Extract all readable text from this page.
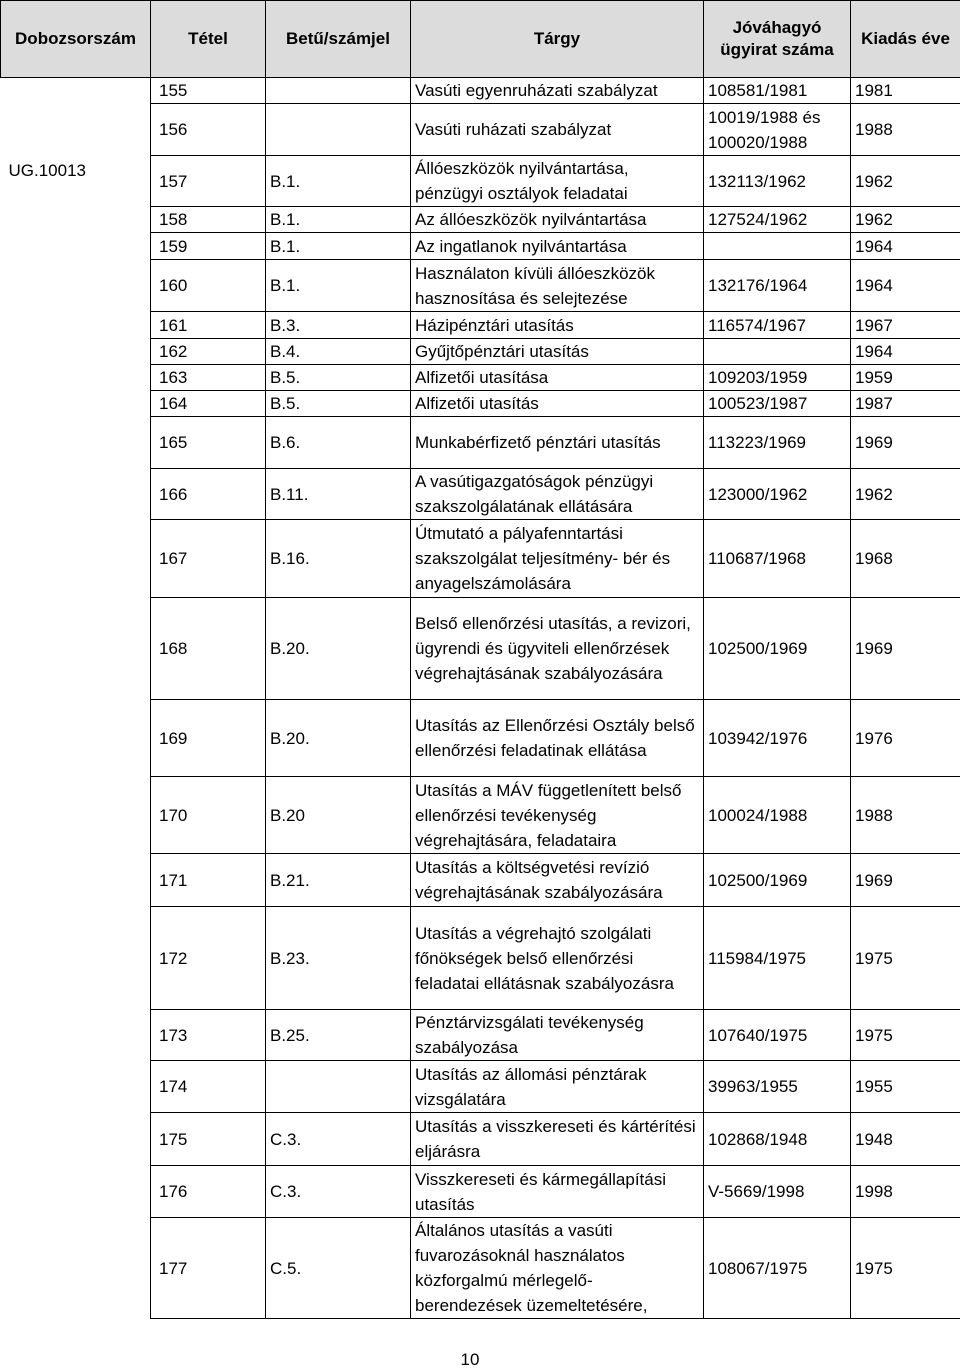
Dobozsorszám	Tétel	Betű/számjel	Tárgy	Jóváhagyó ügyirat száma	Kiadás éve

UG.10013	155		Vasúti egyenruházati szabályzat	108581/1981	1981
	156		Vasúti ruházati szabályzat	10019/1988 és 100020/1988	1988
	157	B.1.	Állóeszközök nyilvántartása, pénzügyi osztályok feladatai	132113/1962	1962
	158	B.1.	Az állóeszközök nyilvántartása	127524/1962	1962
	159	B.1.	Az ingatlanok nyilvántartása		1964
	160	B.1.	Használaton kívüli állóeszközök hasznosítása és selejtezése	132176/1964	1964
	161	B.3.	Házipénztári utasítás	116574/1967	1967
	162	B.4.	Gyűjtőpénztári utasítás		1964
	163	B.5.	Alfizetői utasítása	109203/1959	1959
	164	B.5.	Alfizetői utasítás	100523/1987	1987
	165	B.6.	Munkabérfizető pénztári utasítás	113223/1969	1969
	166	B.11.	A vasútigazgatóságok pénzügyi szakszolgálatának ellátására	123000/1962	1962
	167	B.16.	Útmutató a pályafenntartási szakszolgálat teljesítmény- bér és anyagelszámolására	110687/1968	1968
	168	B.20.	Belső ellenőrzési utasítás, a revizori, ügyrendi és ügyviteli ellenőrzések végrehajtásának szabályozására	102500/1969	1969
	169	B.20.	Utasítás az Ellenőrzési Osztály belső ellenőrzési feladatinak ellátása	103942/1976	1976
	170	B.20	Utasítás a MÁV függetlenített belső ellenőrzési tevékenység végrehajtására, feladataira	100024/1988	1988
	171	B.21.	Utasítás a költségvetési revízió végrehajtásának szabályozására	102500/1969	1969
	172	B.23.	Utasítás a végrehajtó szolgálati főnökségek belső ellenőrzési feladatai ellátásnak szabályozásra	115984/1975	1975
	173	B.25.	Pénztárvizsgálati tevékenység szabályozása	107640/1975	1975
	174		Utasítás az állomási pénztárak vizsgálatára	39963/1955	1955
	175	C.3.	Utasítás a visszkereseti és kártérítési eljárásra	102868/1948	1948
	176	C.3.	Visszkereseti és kármegállapítási utasítás	V-5669/1998	1998
	177	C.5.	Általános utasítás a vasúti fuvarozásoknál használatos közforgalmú mérlegelő-berendezések üzemeltetésére,	108067/1975	1975
10
